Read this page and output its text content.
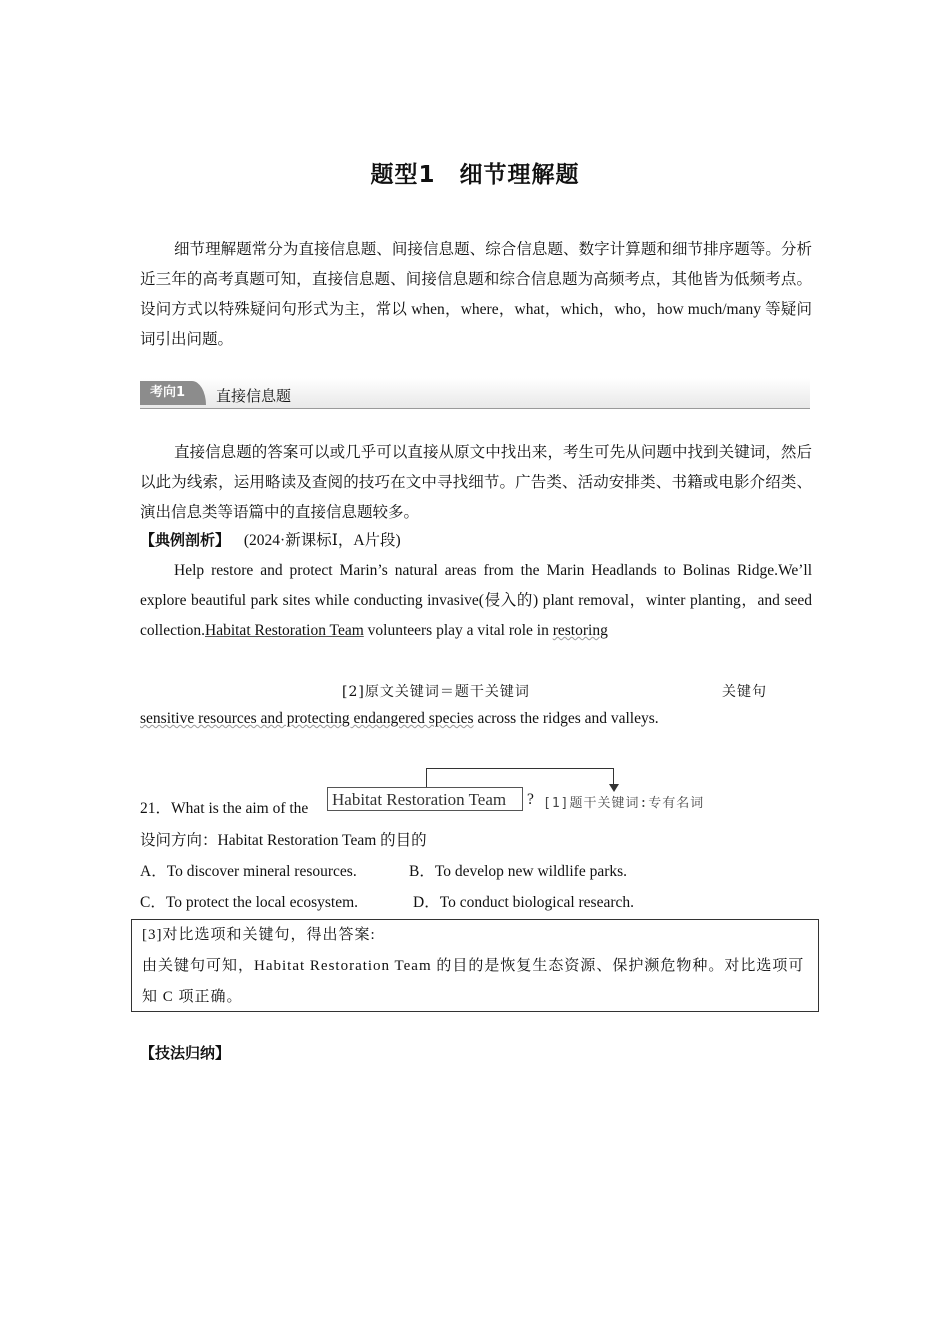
题型1　细节理解题

细节理解题常分为直接信息题、间接信息题、综合信息题、数字计算题和细节排序题等。分析近三年的高考真题可知，直接信息题、间接信息题和综合信息题为高频考点，其他皆为低频考点。设问方式以特殊疑问句形式为主，常以 when，where，what，which，who，how much/many 等疑问词引出问题。

考向1	直接信息题

直接信息题的答案可以或几乎可以直接从原文中找出来，考生可先从问题中找到关键词，然后以此为线索，运用略读及查阅的技巧在文中寻找细节。广告类、活动安排类、书籍或电影介绍类、演出信息类等语篇中的直接信息题较多。

【典例剖析】 (2024·新课标Ⅰ，A片段)

Help restore and protect Marin’s natural areas from the Marin Headlands to Bolinas Ridge.We’ll explore beautiful park sites while conducting invasive(侵入的) plant removal，winter planting，and seed collection.Habitat Restoration Team volunteers play a vital role in restoring

[2]原文关键词＝题干关键词	关键句
sensitive resources and protecting endangered species across the ridges and valleys.
21．What is the aim of the Habitat Restoration Team	? [1]题干关键词:专有名词
设问方向：Habitat Restoration Team 的目的
A．To discover mineral resources.	B．To develop new wildlife parks.
C．To protect the local ecosystem.	D．To conduct biological research.

[3]对比选项和关键句，得出答案:

由关键句可知，Habitat Restoration Team 的目的是恢复生态资源、保护濒危物种。对比选项可知 C 项正确。

【技法归纳】
